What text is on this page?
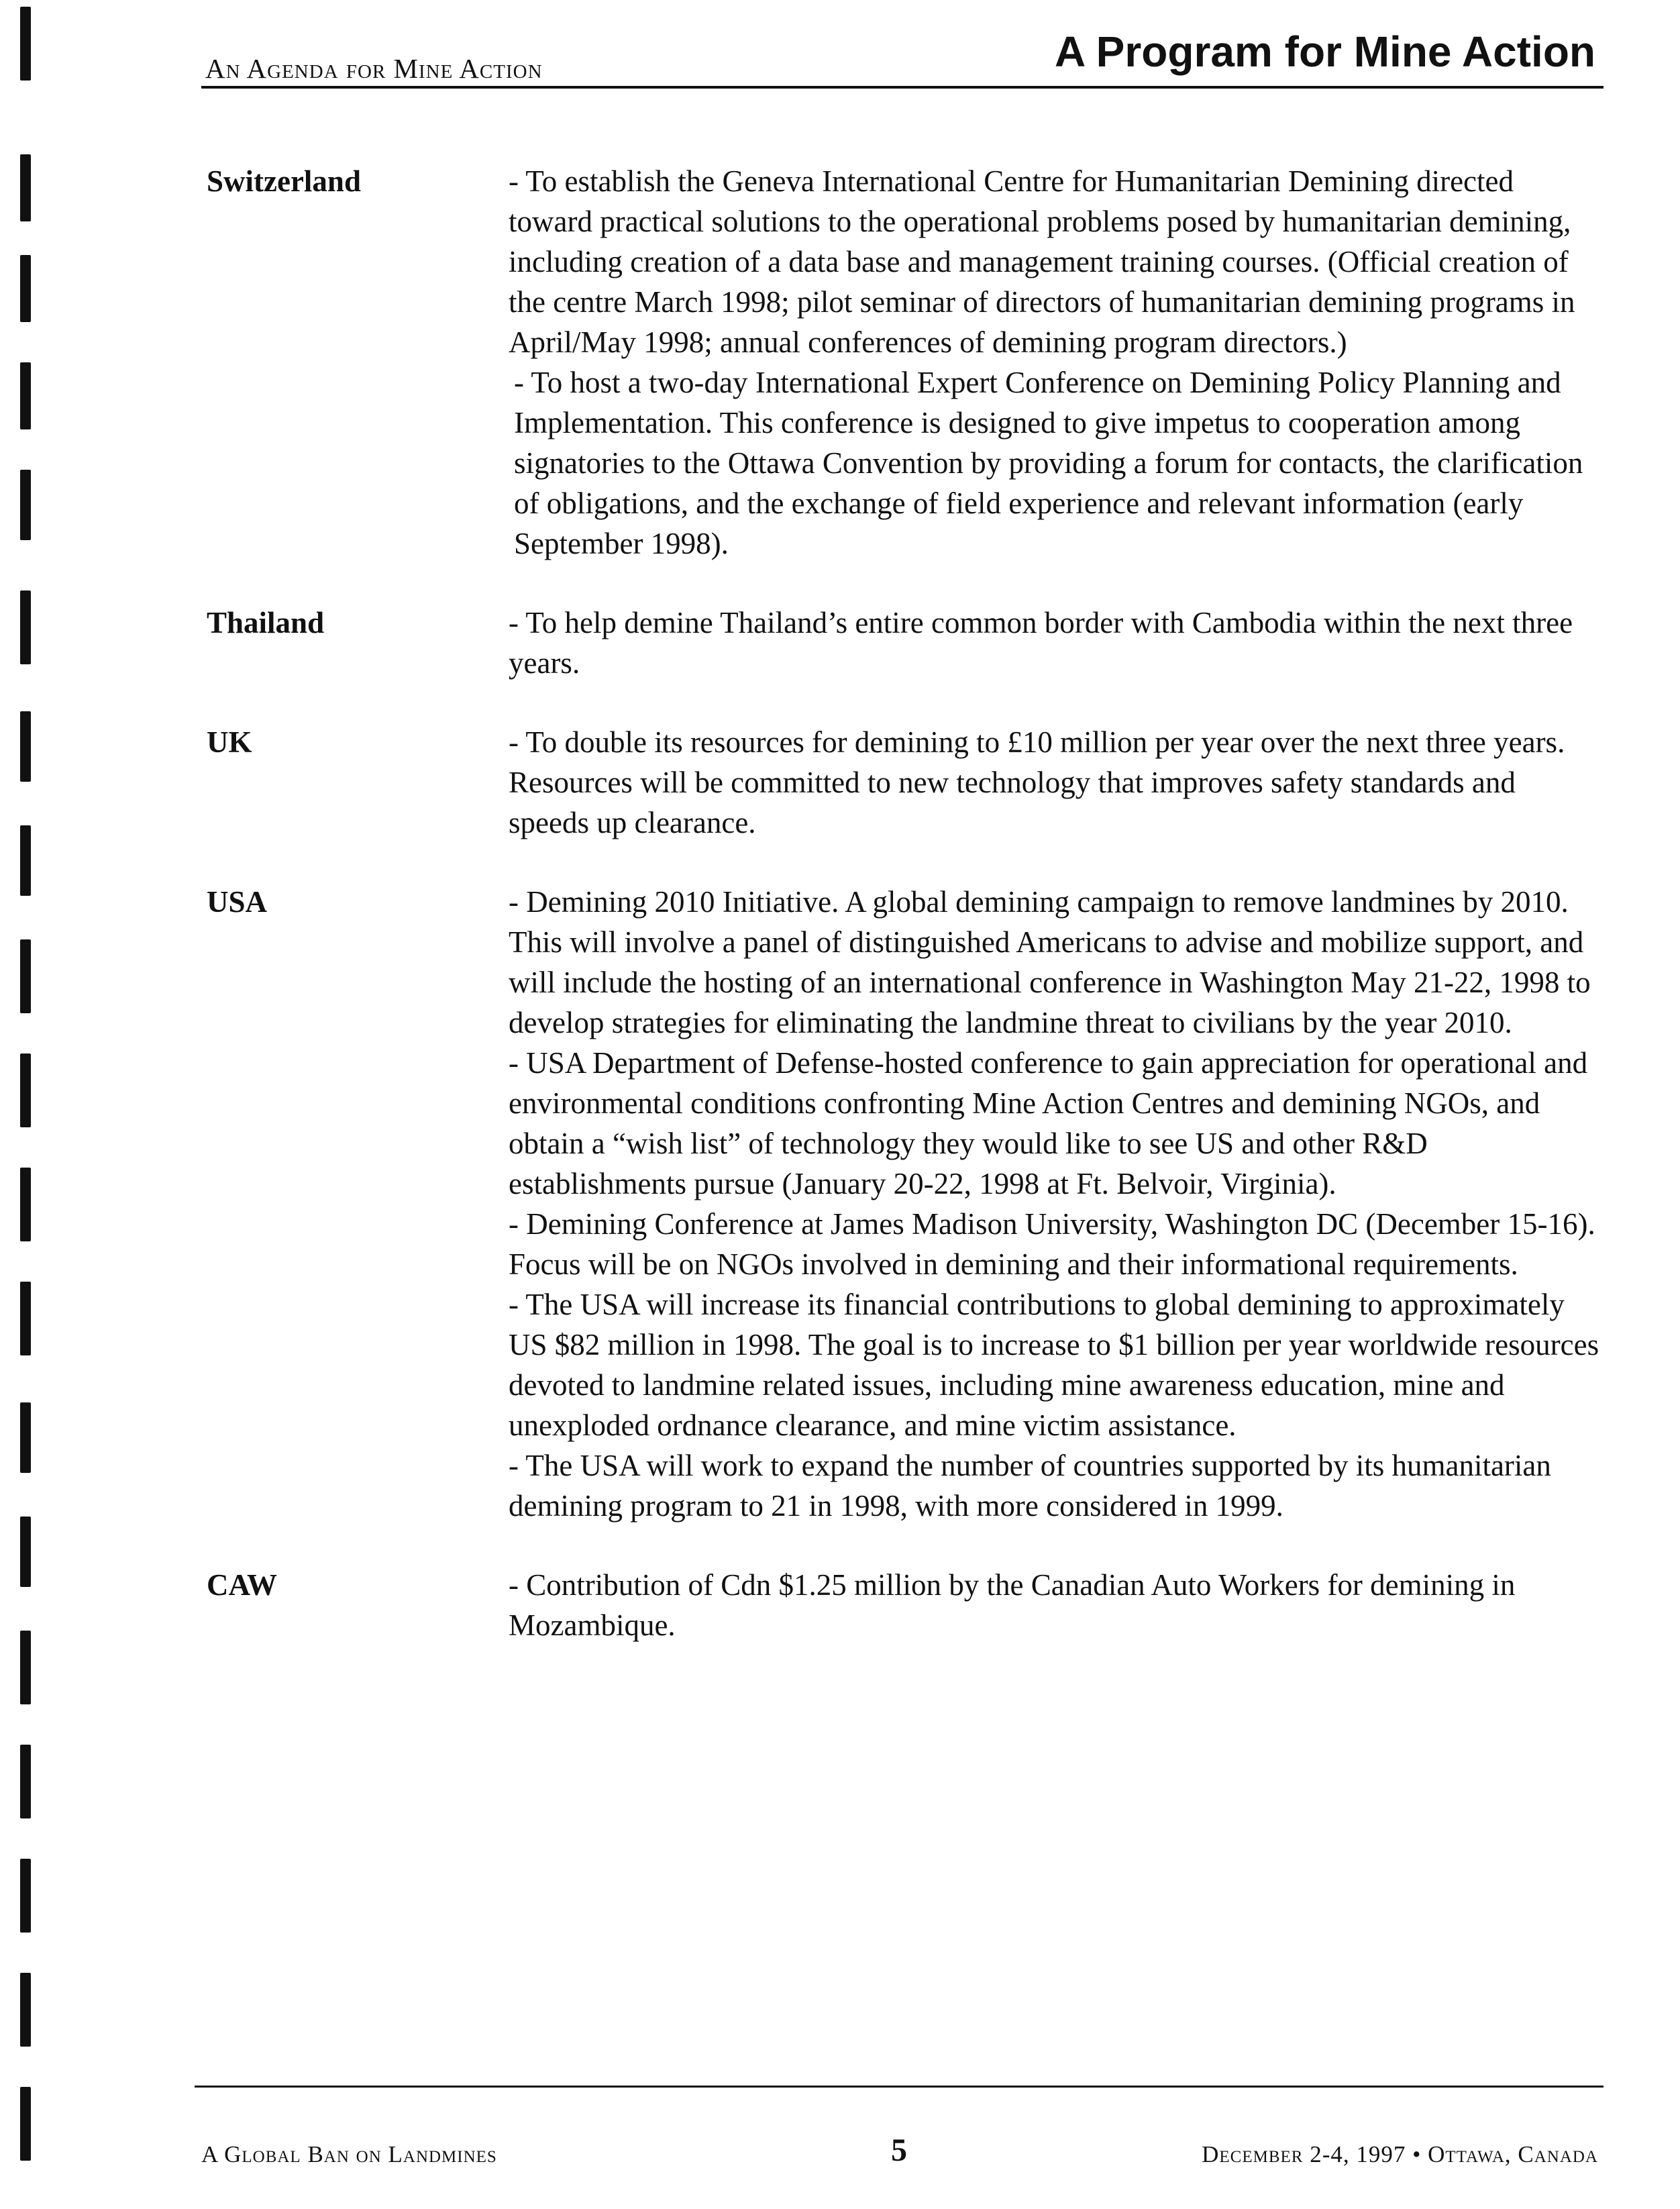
An Agenda for Mine Action	A Program for Mine Action
Switzerland	- To establish the Geneva International Centre for Humanitarian Demining directed toward practical solutions to the operational problems posed by humanitarian demining, including creation of a data base and management training courses. (Official creation of the centre March 1998; pilot seminar of directors of humanitarian demining programs in April/May 1998; annual conferences of demining program directors.)

- To host a two-day International Expert Conference on Demining Policy Planning and Implementation. This conference is designed to give impetus to cooperation among signatories to the Ottawa Convention by providing a forum for contacts, the clarification of obligations, and the exchange of field experience and relevant information (early September 1998).

Thailand	- To help demine Thailand’s entire common border with Cambodia within the next three years.

UK	- To double its resources for demining to £10 million per year over the next three years. Resources will be committed to new technology that improves safety standards and speeds up clearance.

USA	- Demining 2010 Initiative. A global demining campaign to remove landmines by 2010. This will involve a panel of distinguished Americans to advise and mobilize support, and will include the hosting of an international conference in Washington May 21-22, 1998 to develop strategies for eliminating the landmine threat to civilians by the year 2010.

- USA Department of Defense-hosted conference to gain appreciation for operational and environmental conditions confronting Mine Action Centres and demining NGOs, and obtain a “wish list” of technology they would like to see US and other R&D establishments pursue (January 20-22, 1998 at Ft. Belvoir, Virginia).

- Demining Conference at James Madison University, Washington DC (December 15-16). Focus will be on NGOs involved in demining and their informational requirements.

- The USA will increase its financial contributions to global demining to approximately US $82 million in 1998. The goal is to increase to $1 billion per year worldwide resources devoted to landmine related issues, including mine awareness education, mine and unexploded ordnance clearance, and mine victim assistance.

- The USA will work to expand the number of countries supported by its humanitarian demining program to 21 in 1998, with more considered in 1999.

CAW	- Contribution of Cdn $1.25 million by the Canadian Auto Workers for demining in Mozambique.

A Global Ban on Landmines	5	December 2-4, 1997 • Ottawa, Canada
